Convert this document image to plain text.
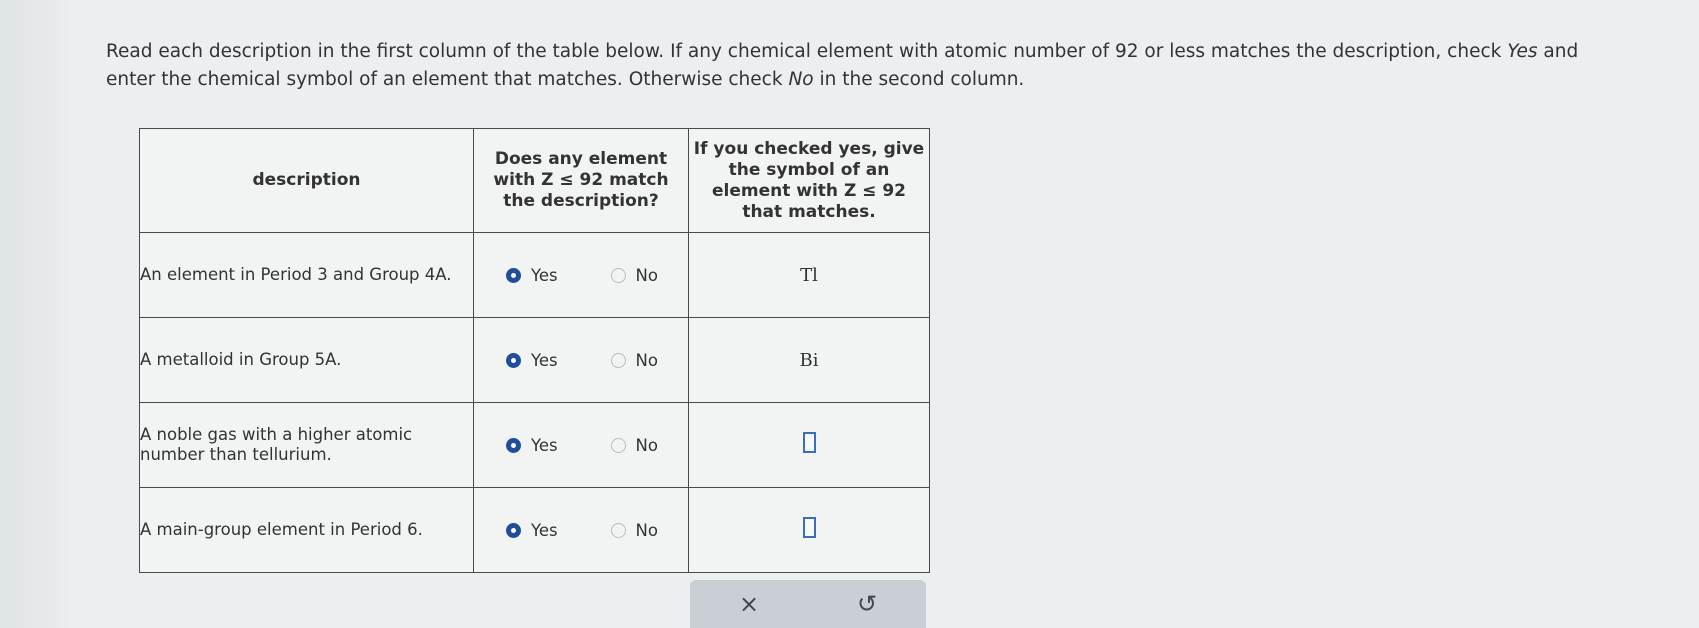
Read each description in the first column of the table below. If any chemical element with atomic number of 92 or less matches the description, check Yes and
enter the chemical symbol of an element that matches. Otherwise check No in the second column.
description	Does any element
with Z ≤ 92 match
the description?	If you checked yes, give
the symbol of an
element with Z ≤ 92
that matches.
An element in Period 3 and Group 4A.	Yes No	Tl
A metalloid in Group 5A.	Yes No	Bi
A noble gas with a higher atomic
number than tellurium.	Yes No	

A main-group element in Period 6.	Yes No	

×	↺
